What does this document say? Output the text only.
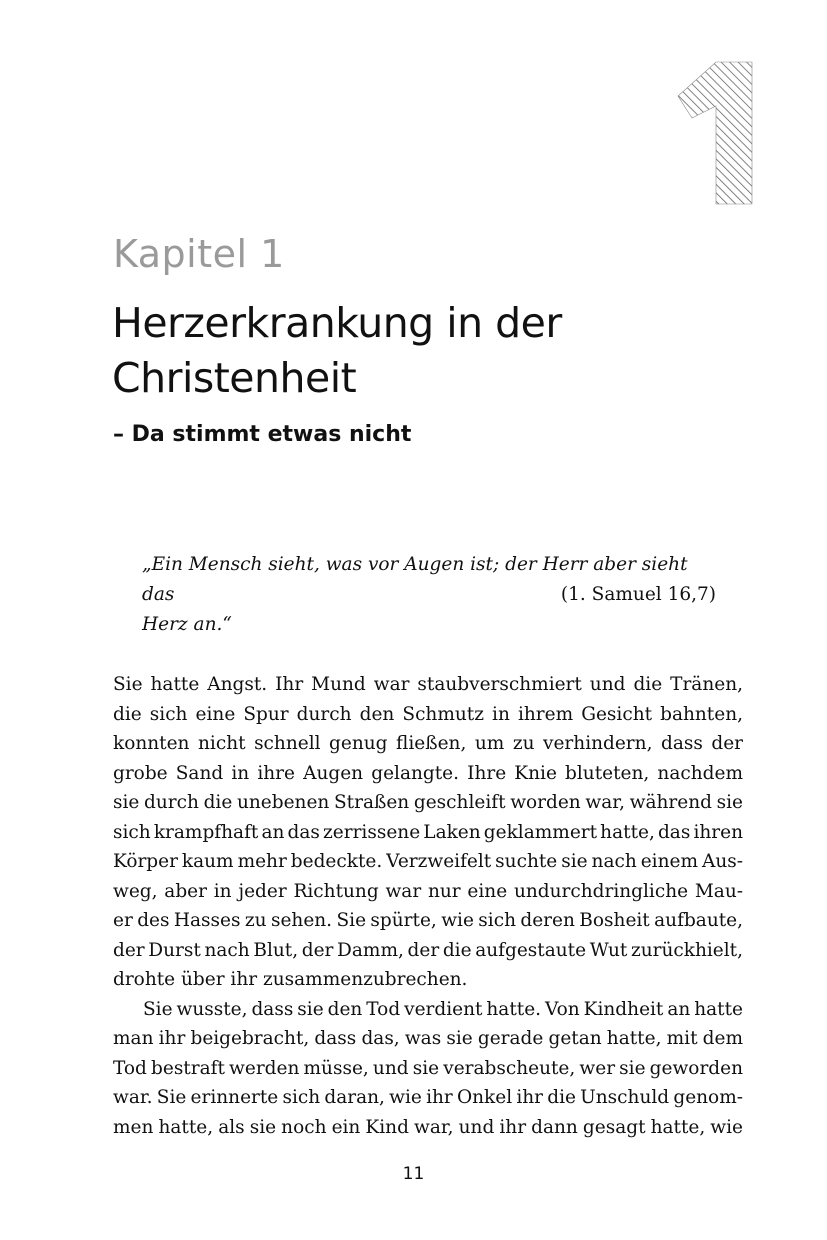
Kapitel 1
Herzerkrankung in der Christenheit
– Da stimmt etwas nicht
„Ein Mensch sieht, was vor Augen ist; der Herr aber sieht das
Herz an.“
(1. Samuel 16,7)
Sie hatte Angst. Ihr Mund war staubverschmiert und die Tränen,
die sich eine Spur durch den Schmutz in ihrem Gesicht bahnten,
konnten nicht schnell genug fließen, um zu verhindern, dass der
grobe Sand in ihre Augen gelangte. Ihre Knie bluteten, nachdem
sie durch die unebenen Straßen geschleift worden war, während sie
sich krampfhaft an das zerrissene Laken geklammert hatte, das ihren
Körper kaum mehr bedeckte. Verzweifelt suchte sie nach einem Aus-
weg, aber in jeder Richtung war nur eine undurchdringliche Mau-
er des Hasses zu sehen. Sie spürte, wie sich deren Bosheit aufbaute,
der Durst nach Blut, der Damm, der die aufgestaute Wut zurückhielt,
drohte über ihr zusammenzubrechen.
Sie wusste, dass sie den Tod verdient hatte. Von Kindheit an hatte
man ihr beigebracht, dass das, was sie gerade getan hatte, mit dem
Tod bestraft werden müsse, und sie verabscheute, wer sie geworden
war. Sie erinnerte sich daran, wie ihr Onkel ihr die Unschuld genom-
men hatte, als sie noch ein Kind war, und ihr dann gesagt hatte, wie
11
